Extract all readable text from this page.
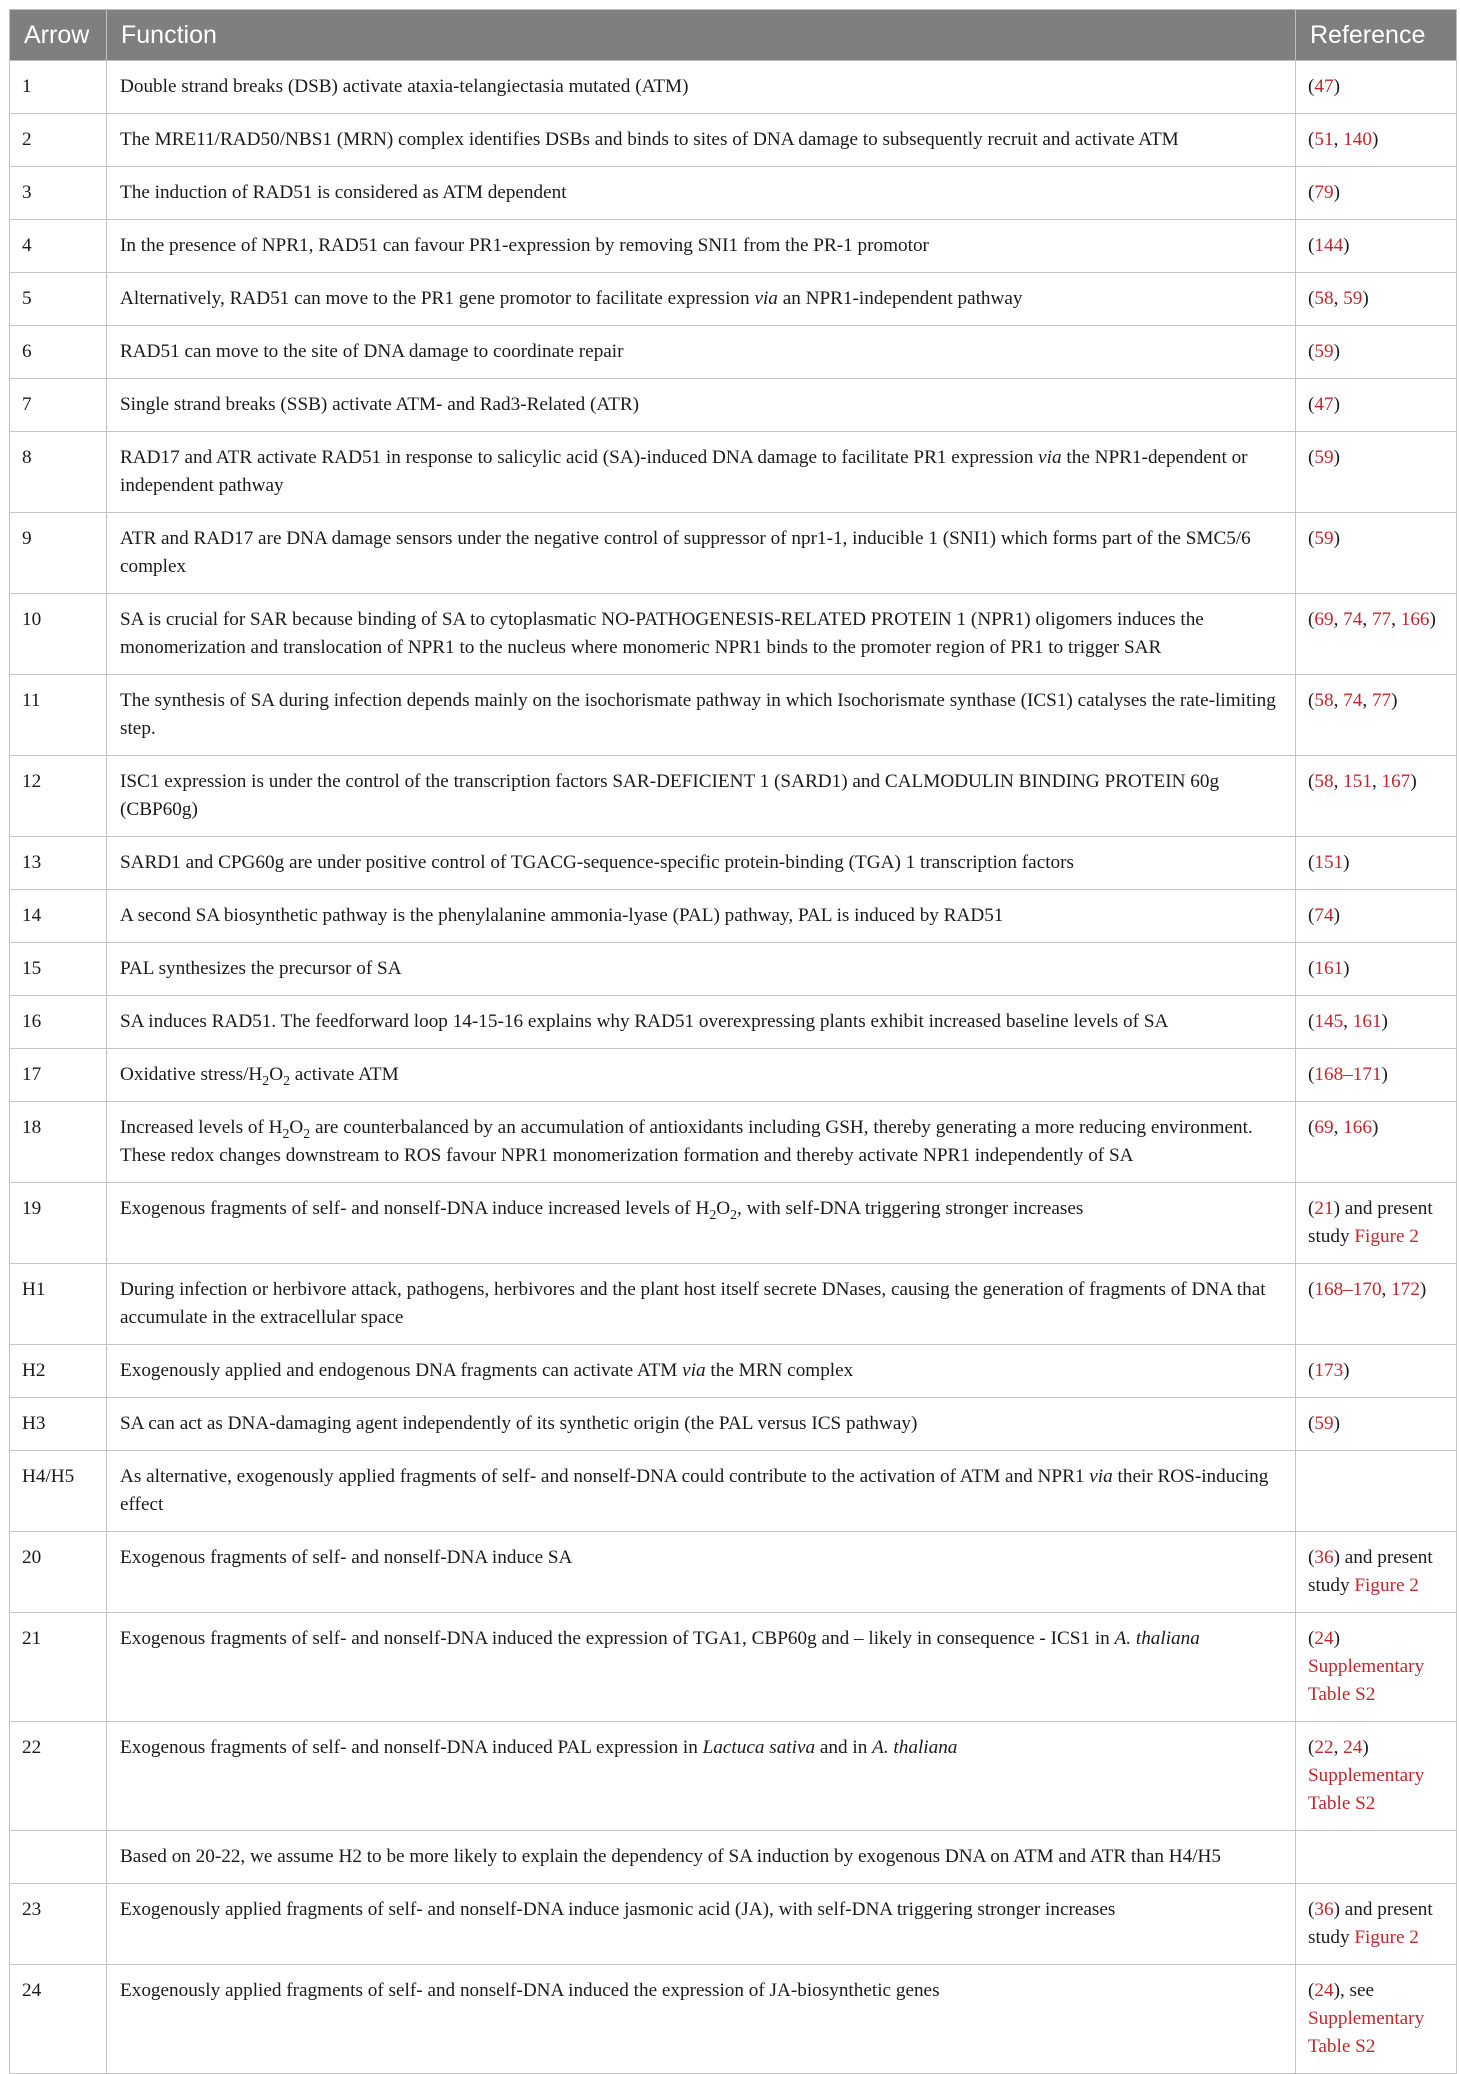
Arrow	Function	Reference
1	Double strand breaks (DSB) activate ataxia-telangiectasia mutated (ATM)	(47)
2	The MRE11/RAD50/NBS1 (MRN) complex identifies DSBs and binds to sites of DNA damage to subsequently recruit and activate ATM	(51, 140)
3	The induction of RAD51 is considered as ATM dependent	(79)
4	In the presence of NPR1, RAD51 can favour PR1-expression by removing SNI1 from the PR-1 promotor	(144)
5	Alternatively, RAD51 can move to the PR1 gene promotor to facilitate expression via an NPR1-independent pathway	(58, 59)
6	RAD51 can move to the site of DNA damage to coordinate repair	(59)
7	Single strand breaks (SSB) activate ATM- and Rad3-Related (ATR)	(47)
8	RAD17 and ATR activate RAD51 in response to salicylic acid (SA)-induced DNA damage to facilitate PR1 expression via the NPR1-dependent or independent pathway	(59)
9	ATR and RAD17 are DNA damage sensors under the negative control of suppressor of npr1-1, inducible 1 (SNI1) which forms part of the SMC5/6 complex	(59)
10	SA is crucial for SAR because binding of SA to cytoplasmatic NO-PATHOGENESIS-RELATED PROTEIN 1 (NPR1) oligomers induces the monomerization and translocation of NPR1 to the nucleus where monomeric NPR1 binds to the promoter region of PR1 to trigger SAR	(69, 74, 77, 166)
11	The synthesis of SA during infection depends mainly on the isochorismate pathway in which Isochorismate synthase (ICS1) catalyses the rate-limiting step.	(58, 74, 77)
12	ISC1 expression is under the control of the transcription factors SAR-DEFICIENT 1 (SARD1) and CALMODULIN BINDING PROTEIN 60g (CBP60g)	(58, 151, 167)
13	SARD1 and CPG60g are under positive control of TGACG-sequence-specific protein-binding (TGA) 1 transcription factors	(151)
14	A second SA biosynthetic pathway is the phenylalanine ammonia-lyase (PAL) pathway, PAL is induced by RAD51	(74)
15	PAL synthesizes the precursor of SA	(161)
16	SA induces RAD51. The feedforward loop 14-15-16 explains why RAD51 overexpressing plants exhibit increased baseline levels of SA	(145, 161)
17	Oxidative stress/$H_2O_2$ activate ATM	(168–171)
18	Increased levels of $H_2O_2$ are counterbalanced by an accumulation of antioxidants including GSH, thereby generating a more reducing environment. These redox changes downstream to ROS favour NPR1 monomerization formation and thereby activate NPR1 independently of SA	(69, 166)
19	Exogenous fragments of self- and nonself-DNA induce increased levels of $H_2O_2$, with self-DNA triggering stronger increases	(21) and present study Figure 2
H1	During infection or herbivore attack, pathogens, herbivores and the plant host itself secrete DNases, causing the generation of fragments of DNA that accumulate in the extracellular space	(168–170, 172)
H2	Exogenously applied and endogenous DNA fragments can activate ATM via the MRN complex	(173)
H3	SA can act as DNA-damaging agent independently of its synthetic origin (the PAL versus ICS pathway)	(59)
H4/H5	As alternative, exogenously applied fragments of self- and nonself-DNA could contribute to the activation of ATM and NPR1 via their ROS-inducing effect	
20	Exogenous fragments of self- and nonself-DNA induce SA	(36) and present study Figure 2
21	Exogenous fragments of self- and nonself-DNA induced the expression of TGA1, CBP60g and – likely in consequence - ICS1 in A. thaliana	(24) Supplementary Table S2
22	Exogenous fragments of self- and nonself-DNA induced PAL expression in Lactuca sativa and in A. thaliana	(22, 24) Supplementary Table S2
	Based on 20-22, we assume H2 to be more likely to explain the dependency of SA induction by exogenous DNA on ATM and ATR than H4/H5	
23	Exogenously applied fragments of self- and nonself-DNA induce jasmonic acid (JA), with self-DNA triggering stronger increases	(36) and present study Figure 2
24	Exogenously applied fragments of self- and nonself-DNA induced the expression of JA-biosynthetic genes	(24), see Supplementary Table S2
